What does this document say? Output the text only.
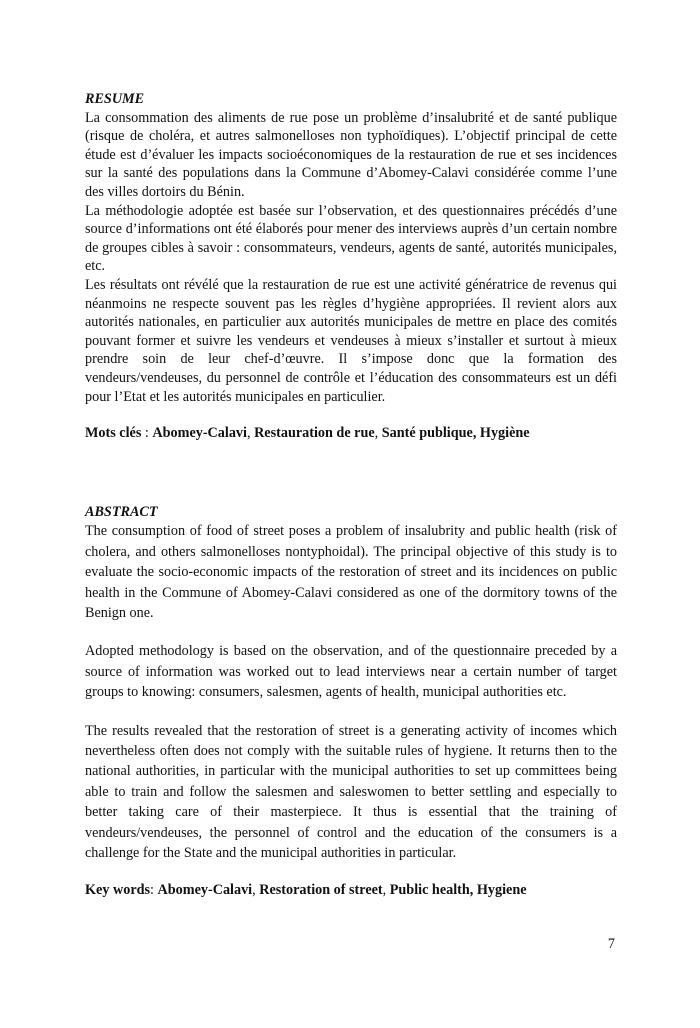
RESUME

La consommation des aliments de rue pose un problème d’insalubrité et de santé publique (risque de choléra, et autres salmonelloses non typhoïdiques). L’objectif principal de cette étude est d’évaluer les impacts socioéconomiques de la restauration de rue et ses incidences sur la santé des populations dans la Commune d’Abomey-Calavi considérée comme l’une des villes dortoirs du Bénin.

La méthodologie adoptée est basée sur l’observation, et des questionnaires précédés d’une source d’informations ont été élaborés pour mener des interviews auprès d’un certain nombre de groupes cibles à savoir : consommateurs, vendeurs, agents de santé, autorités municipales, etc.

Les résultats ont révélé que la restauration de rue est une activité génératrice de revenus qui néanmoins ne respecte souvent pas les règles d’hygiène appropriées. Il revient alors aux autorités nationales, en particulier aux autorités municipales de mettre en place des comités pouvant former et suivre les vendeurs et vendeuses à mieux s’installer et surtout à mieux prendre soin de leur chef-d’œuvre. Il s’impose donc que la formation des vendeurs/vendeuses, du personnel de contrôle et l’éducation des consommateurs est un défi pour l’Etat et les autorités municipales en particulier.

Mots clés : Abomey-Calavi, Restauration de rue, Santé publique, Hygiène

ABSTRACT

The consumption of food of street poses a problem of insalubrity and public health (risk of cholera, and others salmonelloses nontyphoidal). The principal objective of this study is to evaluate the socio-economic impacts of the restoration of street and its incidences on public health in the Commune of Abomey-Calavi considered as one of the dormitory towns of the Benign one.

Adopted methodology is based on the observation, and of the questionnaire preceded by a source of information was worked out to lead interviews near a certain number of target groups to knowing: consumers, salesmen, agents of health, municipal authorities etc.

The results revealed that the restoration of street is a generating activity of incomes which nevertheless often does not comply with the suitable rules of hygiene. It returns then to the national authorities, in particular with the municipal authorities to set up committees being able to train and follow the salesmen and saleswomen to better settling and especially to better taking care of their masterpiece. It thus is essential that the training of vendeurs/vendeuses, the personnel of control and the education of the consumers is a challenge for the State and the municipal authorities in particular.

Key words: Abomey-Calavi, Restoration of street, Public health, Hygiene

7
